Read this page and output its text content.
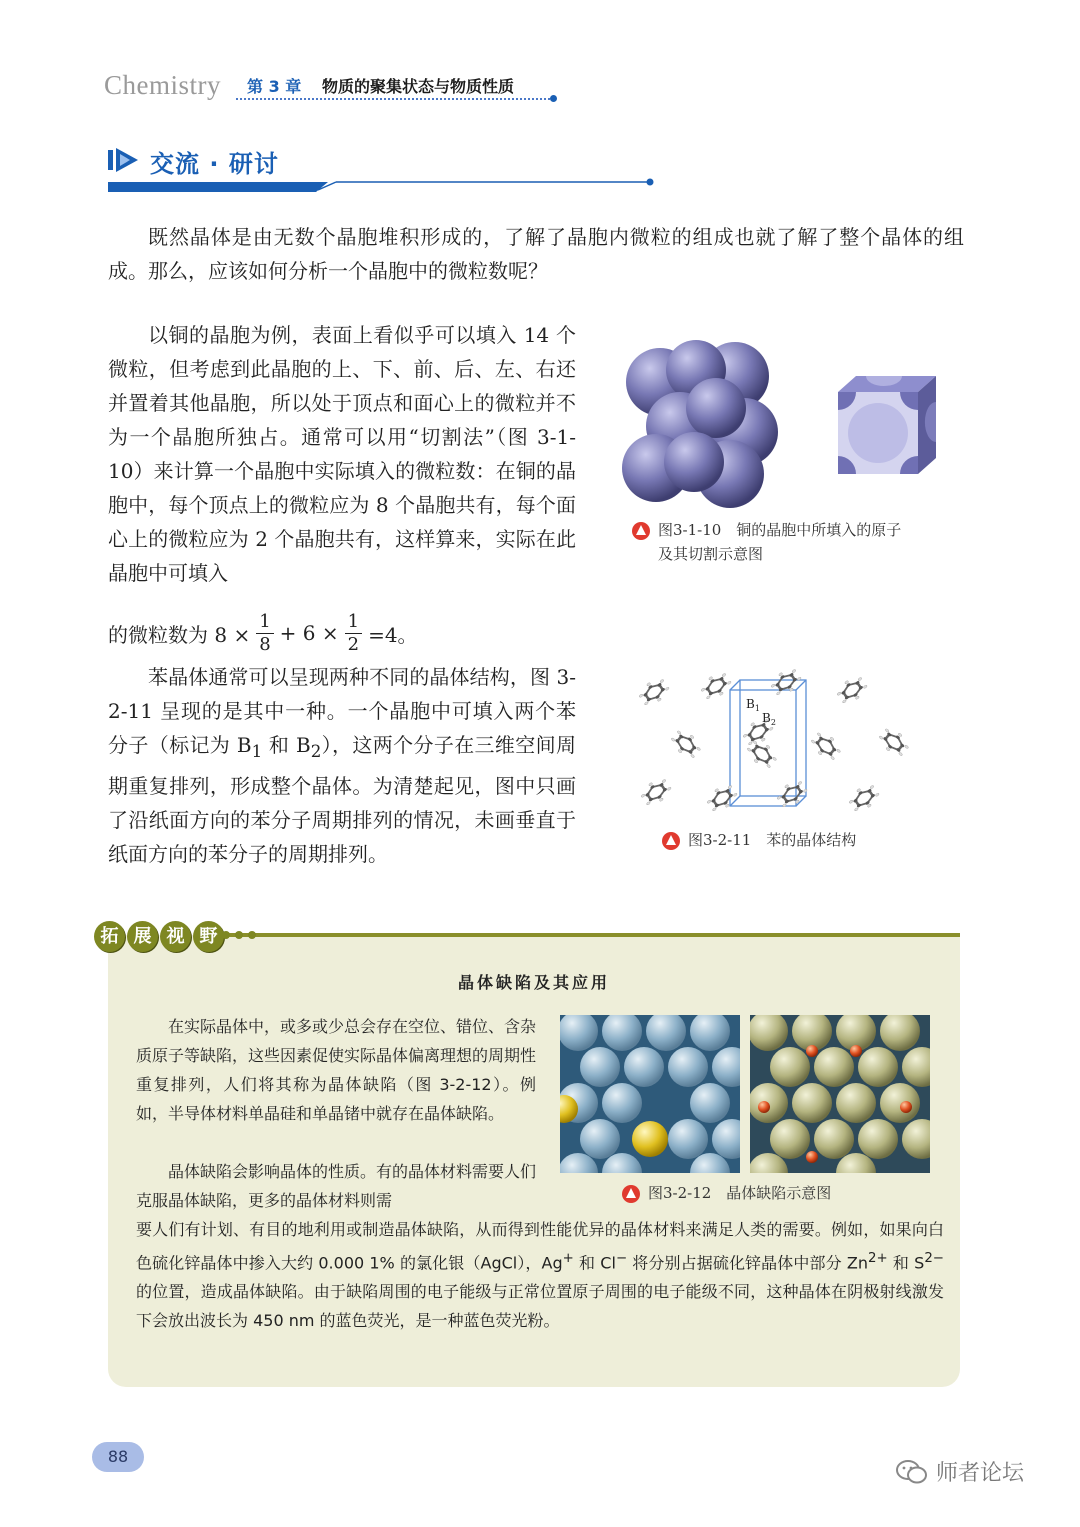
Chemistry 第 3 章 物质的聚集状态与物质性质
交流 · 研讨
既然晶体是由无数个晶胞堆积形成的，了解了晶胞内微粒的组成也就了解了整个晶体的组成。那么，应该如何分析一个晶胞中的微粒数呢？
以铜的晶胞为例，表面上看似乎可以填入 14 个微粒，但考虑到此晶胞的上、下、前、后、左、右还并置着其他晶胞，所以处于顶点和面心上的微粒并不为一个晶胞所独占。通常可以用“切割法”（图 3-1-10）来计算一个晶胞中实际填入的微粒数：在铜的晶胞中，每个顶点上的微粒应为 8 个晶胞共有，每个面心上的微粒应为 2 个晶胞共有，这样算来，实际在此晶胞中可填入
的微粒数为 $8 \times \frac{1}{8} + 6 \times \frac{1}{2} =4$。
苯晶体通常可以呈现两种不同的晶体结构，图 3-2-11 呈现的是其中一种。一个晶胞中可填入两个苯分子（标记为 $B_1$ 和 $B_2$），这两个分子在三维空间周期重复排列，形成整个晶体。为清楚起见，图中只画了沿纸面方向的苯分子周期排列的情况，未画垂直于纸面方向的苯分子的周期排列。
图3-1-10　铜的晶胞中所填入的原子
及其切割示意图
$B_1$
$B_2$
图3-2-11　苯的晶体结构
拓 展 视 野
晶体缺陷及其应用
在实际晶体中，或多或少总会存在空位、错位、含杂质原子等缺陷，这些因素促使实际晶体偏离理想的周期性重复排列，人们将其称为晶体缺陷（图 3-2-12）。例如，半导体材料单晶硅和单晶锗中就存在晶体缺陷。
晶体缺陷会影响晶体的性质。有的晶体材料需要人们克服晶体缺陷，更多的晶体材料则需
要人们有计划、有目的地利用或制造晶体缺陷，从而得到性能优异的晶体材料来满足人类的需要。例如，如果向白色硫化锌晶体中掺入大约 0.000 1% 的氯化银（AgCl），Ag+ 和 Cl− 将分别占据硫化锌晶体中部分 $Zn^{2+}$ 和 $S^{2-}$ 的位置，造成晶体缺陷。由于缺陷周围的电子能级与正常位置原子周围的电子能级不同，这种晶体在阴极射线激发下会放出波长为 450 nm 的蓝色荧光，是一种蓝色荧光粉。
图3-2-12　晶体缺陷示意图
88
师者论坛
